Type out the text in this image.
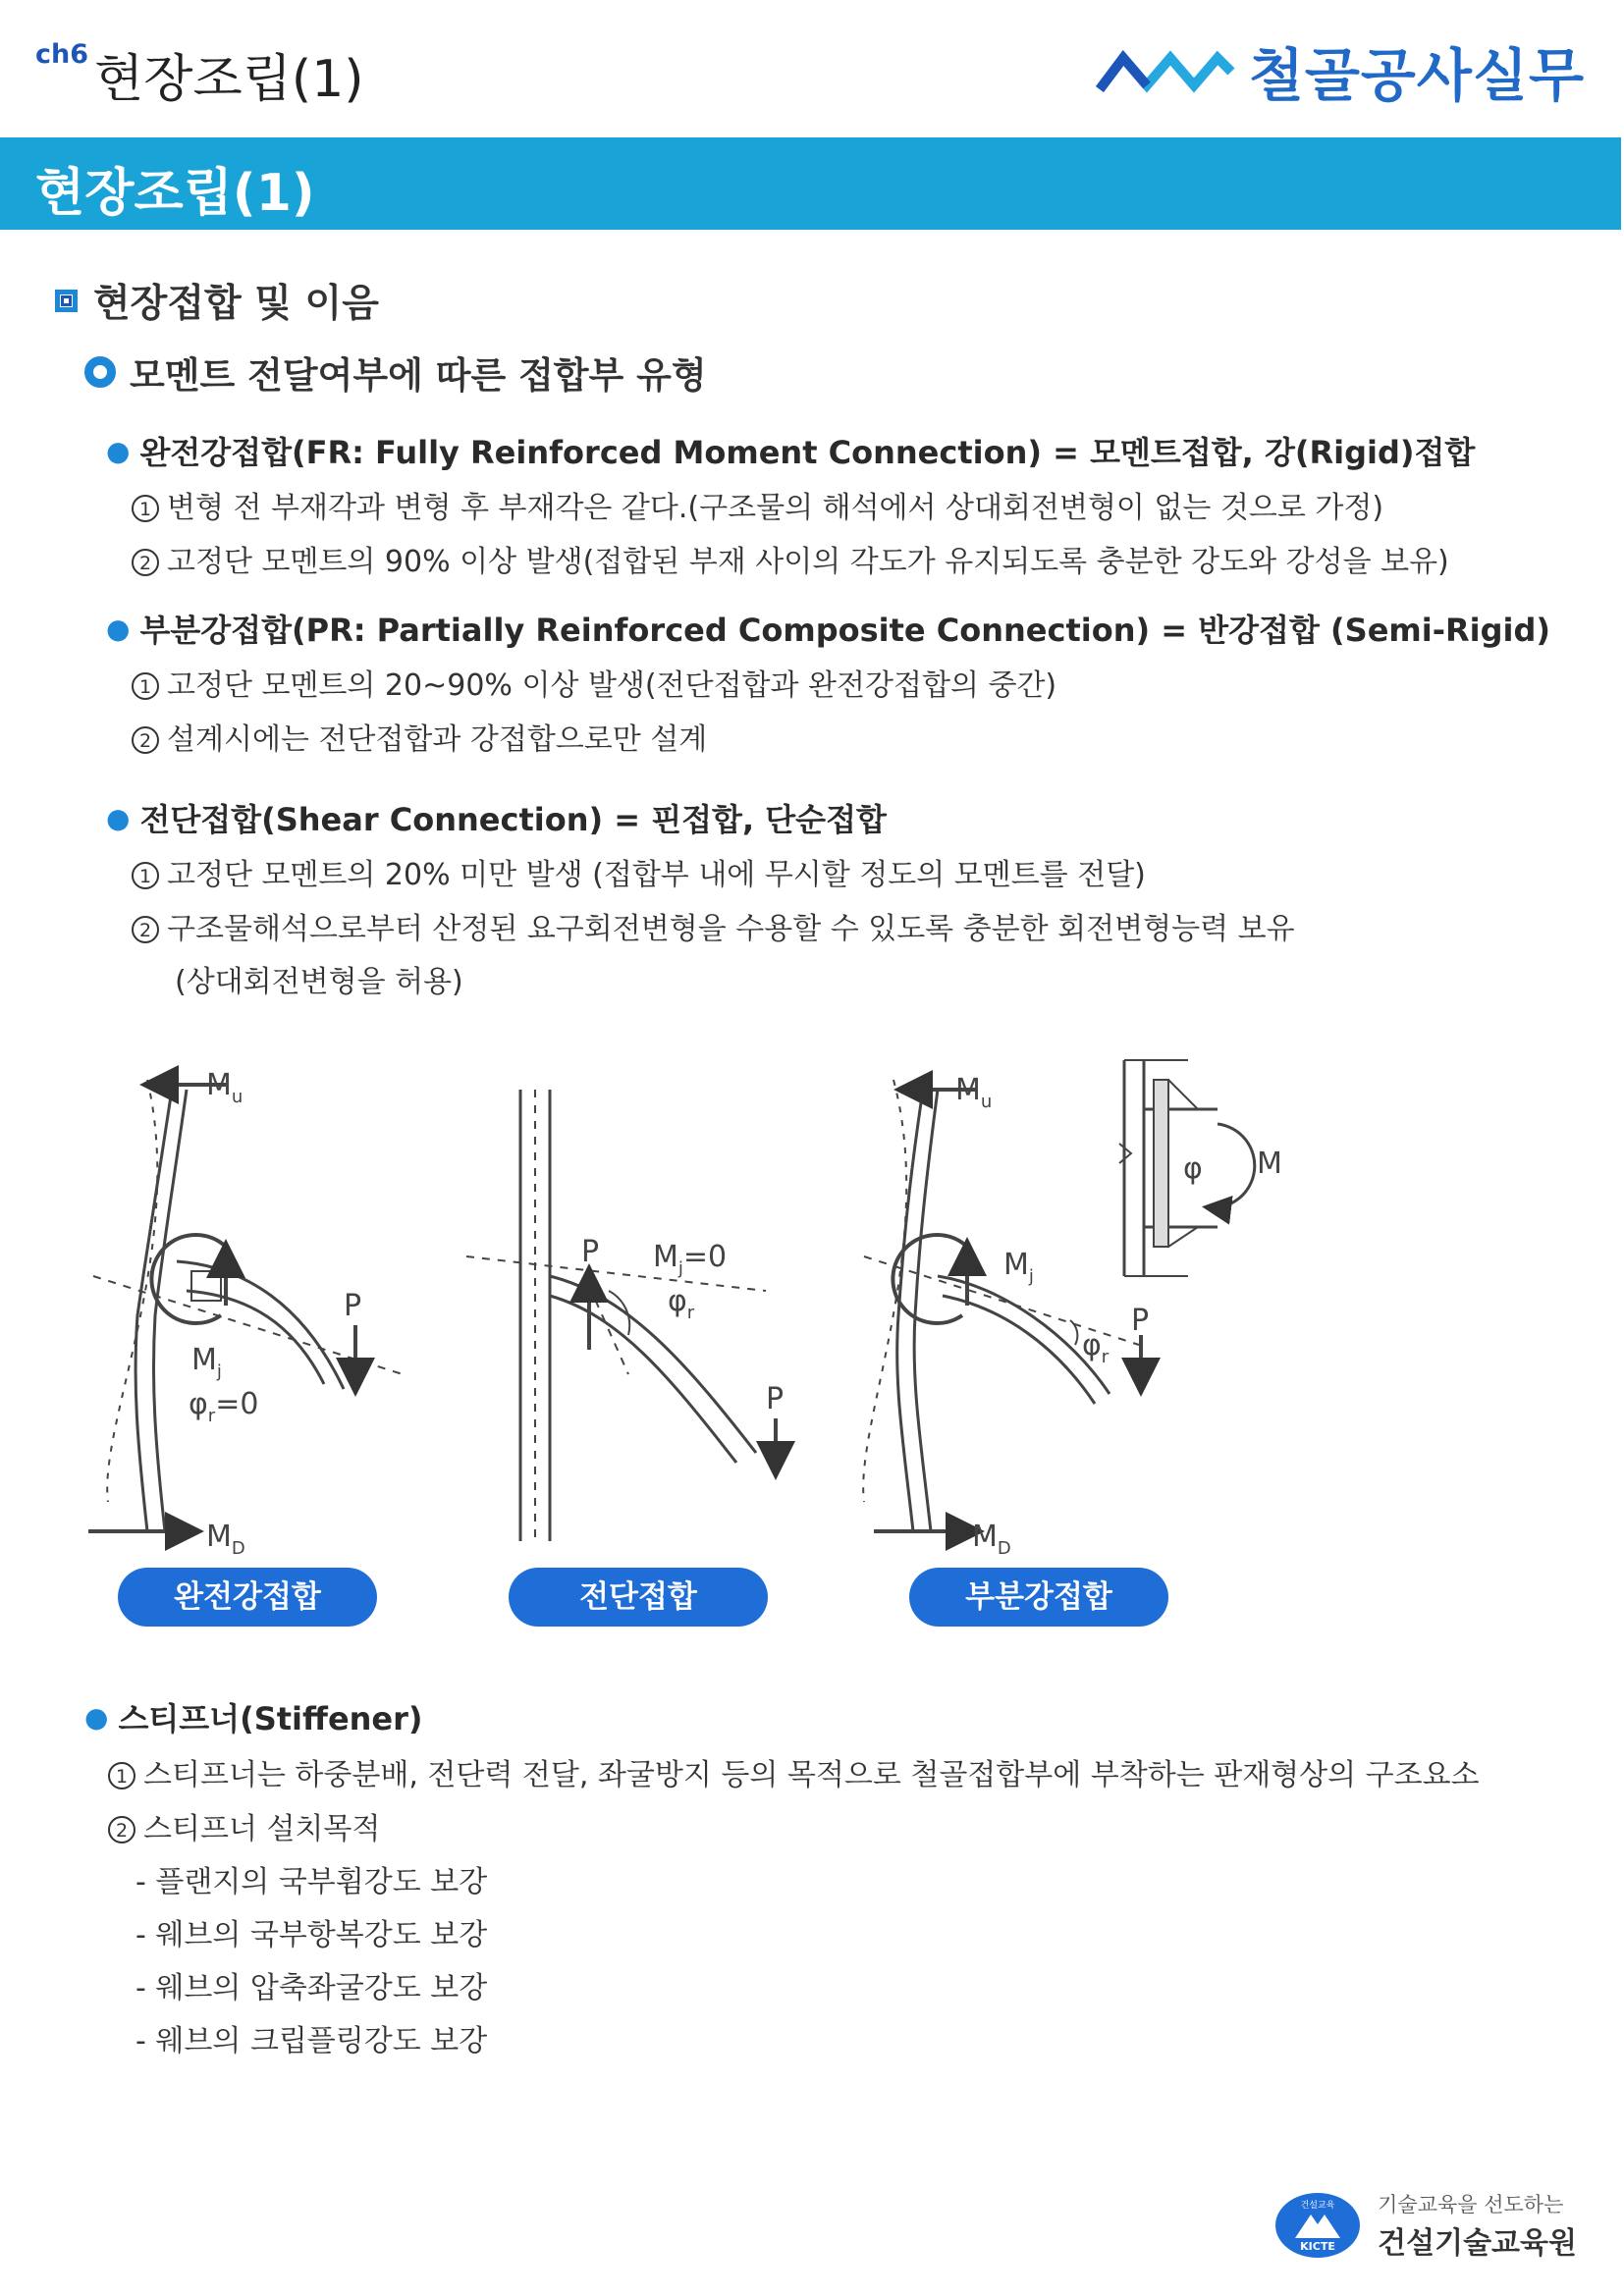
ch6 현장조립(1)	철골공사실무
현장조립(1)
현장접합 및 이음
모멘트 전달여부에 따른 접합부 유형
● 완전강접합(FR: Fully Reinforced Moment Connection) = 모멘트접합, 강(Rigid)접합
1 변형 전 부재각과 변형 후 부재각은 같다.(구조물의 해석에서 상대회전변형이 없는 것으로 가정)
2 고정단 모멘트의 90% 이상 발생(접합된 부재 사이의 각도가 유지되도록 충분한 강도와 강성을 보유)
● 부분강접합(PR: Partially Reinforced Composite Connection) = 반강접합 (Semi-Rigid)
1 고정단 모멘트의 20~90% 이상 발생(전단접합과 완전강접합의 중간)
2 설계시에는 전단접합과 강접합으로만 설계
● 전단접합(Shear Connection) = 핀접합, 단순접합
1 고정단 모멘트의 20% 미만 발생 (접합부 내에 무시할 정도의 모멘트를 전달)
2 구조물해석으로부터 산정된 요구회전변형을 수용할 수 있도록 충분한 회전변형능력 보유
(상대회전변형을 허용)
$M_u$
P
$M_j$
$\varphi_r=0$
$M_D$
P $M_j=0$
$\varphi_r$
P
$M_u$
$M_j$
$\varphi_r$
P
$M_D$
φ M
완전강접합	전단접합	부분강접합
● 스티프너(Stiffener)
1 스티프너는 하중분배, 전단력 전달, 좌굴방지 등의 목적으로 철골접합부에 부착하는 판재형상의 구조요소
2 스티프너 설치목적
- 플랜지의 국부휨강도 보강
- 웨브의 국부항복강도 보강
- 웨브의 압축좌굴강도 보강
- 웨브의 크립플링강도 보강
건설교육
KICTE
기술교육을 선도하는
건설기술교육원
